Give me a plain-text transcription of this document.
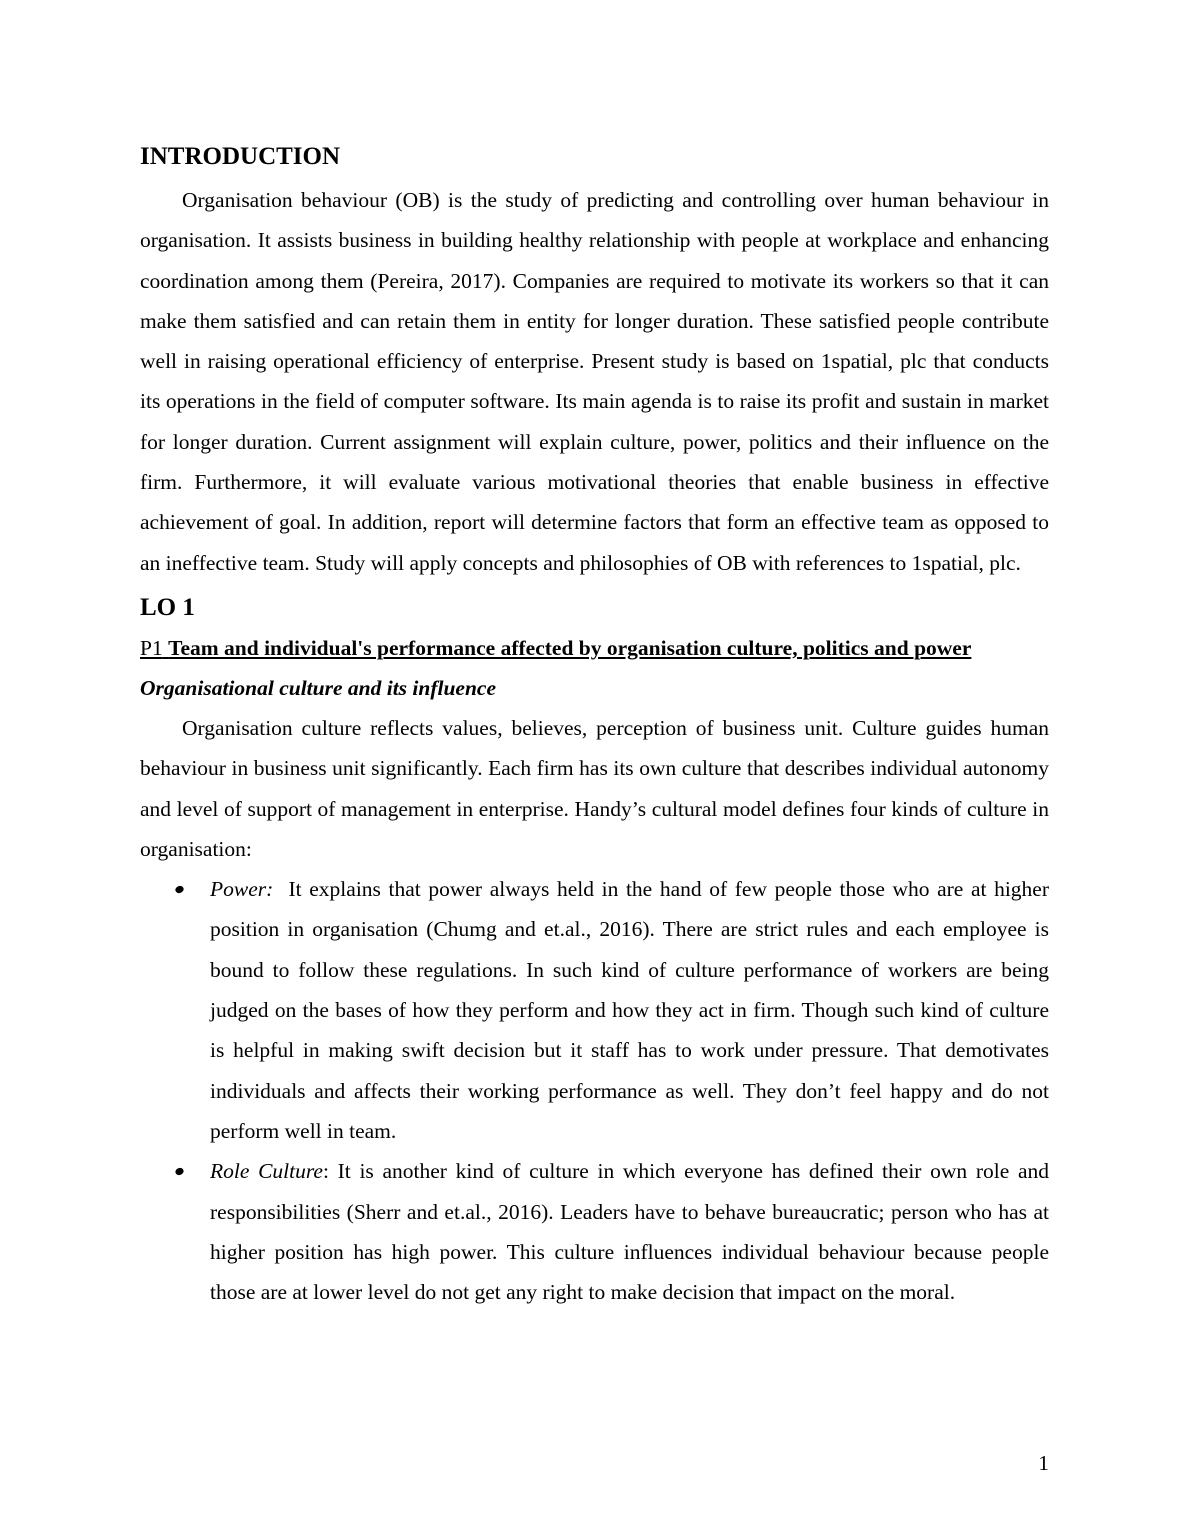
INTRODUCTION

Organisation behaviour (OB) is the study of predicting and controlling over human behaviour in organisation. It assists business in building healthy relationship with people at workplace and enhancing coordination among them (Pereira, 2017). Companies are required to motivate its workers so that it can make them satisfied and can retain them in entity for longer duration. These satisfied people contribute well in raising operational efficiency of enterprise. Present study is based on 1spatial, plc that conducts its operations in the field of computer software. Its main agenda is to raise its profit and sustain in market for longer duration. Current assignment will explain culture, power, politics and their influence on the firm. Furthermore, it will evaluate various motivational theories that enable business in effective achievement of goal. In addition, report will determine factors that form an effective team as opposed to an ineffective team. Study will apply concepts and philosophies of OB with references to 1spatial, plc.

LO 1

P1 Team and individual's performance affected by organisation culture, politics and power

Organisational culture and its influence

Organisation culture reflects values, believes, perception of business unit. Culture guides human behaviour in business unit significantly. Each firm has its own culture that describes individual autonomy and level of support of management in enterprise. Handy’s cultural model defines four kinds of culture in organisation:

Power: It explains that power always held in the hand of few people those who are at higher position in organisation (Chumg and et.al., 2016). There are strict rules and each employee is bound to follow these regulations. In such kind of culture performance of workers are being judged on the bases of how they perform and how they act in firm. Though such kind of culture is helpful in making swift decision but it staff has to work under pressure. That demotivates individuals and affects their working performance as well. They don’t feel happy and do not perform well in team.
Role Culture: It is another kind of culture in which everyone has defined their own role and responsibilities (Sherr and et.al., 2016). Leaders have to behave bureaucratic; person who has at higher position has high power. This culture influences individual behaviour because people those are at lower level do not get any right to make decision that impact on the moral.
1
